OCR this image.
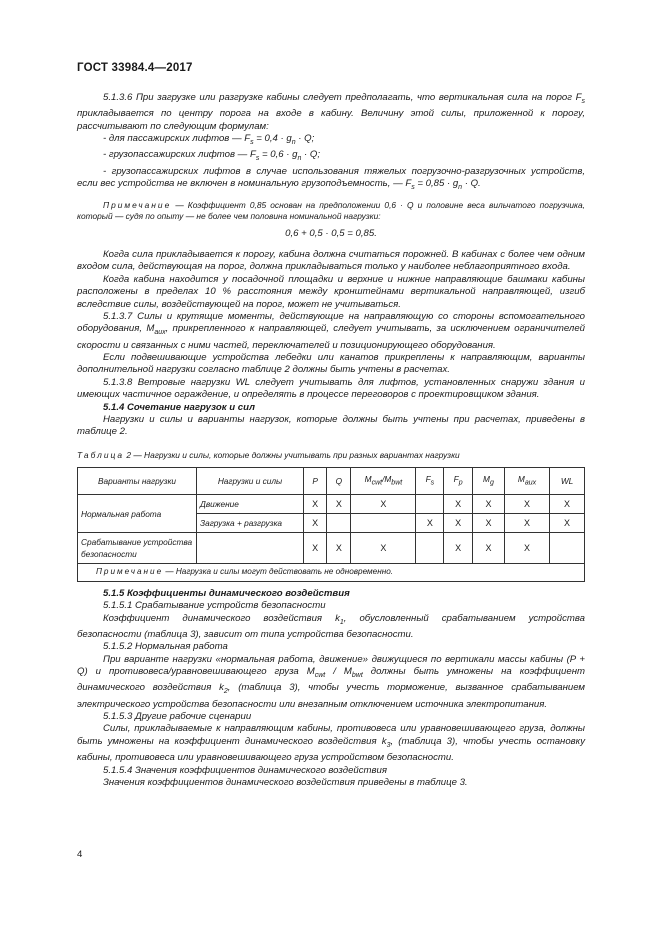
ГОСТ 33984.4—2017

5.1.3.6 При загрузке или разгрузке кабины следует предполагать, что вертикальная сила на порог $F_s$ прикладывается по центру порога на входе в кабину. Величину этой силы, приложенной к порогу, рассчитывают по следующим формулам:

- для пассажирских лифтов — $F_s = 0,4 \cdot g_n \cdot Q$;

- грузопассажирских лифтов — $F_s = 0,6 \cdot g_n \cdot Q$;

- грузопассажирских лифтов в случае использования тяжелых погрузочно-разгрузочных устройств, если вес устройства не включен в номинальную грузоподъемность, — $F_s = 0,85 \cdot g_n \cdot Q$.

Примечание — Коэффициент 0,85 основан на предположении 0,6 · Q и половине веса вильчатого погрузчика, который — судя по опыту — не более чем половина номинальной нагрузки:

0,6 + 0,5 · 0,5 = 0,85.

Когда сила прикладывается к порогу, кабина должна считаться порожней. В кабинах с более чем одним входом сила, действующая на порог, должна прикладываться только у наиболее неблагоприятного входа.

Когда кабина находится у посадочной площадки и верхние и нижние направляющие башмаки кабины расположены в пределах 10 % расстояния между кронштейнами вертикальной направляющей, изгиб вследствие силы, воздействующей на порог, может не учитываться.

5.1.3.7 Силы и крутящие моменты, действующие на направляющую со стороны вспомогательного оборудования, $M_{aux}$, прикрепленного к направляющей, следует учитывать, за исключением ограничителей скорости и связанных с ними частей, переключателей и позиционирующего оборудования.

Если подвешивающие устройства лебедки или канатов прикреплены к направляющим, варианты дополнительной нагрузки согласно таблице 2 должны быть учтены в расчетах.

5.1.3.8 Ветровые нагрузки WL следует учитывать для лифтов, установленных снаружи здания и имеющих частичное ограждение, и определять в процессе переговоров с проектировщиком здания.

5.1.4 Сочетание нагрузок и сил

Нагрузки и силы и варианты нагрузок, которые должны быть учтены при расчетах, приведены в таблице 2.

Таблица 2 — Нагрузки и силы, которые должны учитывать при разных вариантах нагрузки

Варианты нагрузки	Нагрузки и силы	P	Q	$M_{cwt}/M_{bwt}$	$F_s$	$F_p$	$M_g$	$M_{aux}$	WL
Нормальная работа	Движение	X	X	X		X	X	X	X
	Загрузка + разгрузка	X			X	X	X	X	X
Срабатывание устройства безопасности		X	X	X		X	X	X	
Примечание — Нагрузка и силы могут действовать не одновременно.									

5.1.5 Коэффициенты динамического воздействия

5.1.5.1 Срабатывание устройств безопасности

Коэффициент динамического воздействия $k_1$, обусловленный срабатыванием устройства безопасности (таблица 3), зависит от типа устройства безопасности.

5.1.5.2 Нормальная работа

При варианте нагрузки «нормальная работа, движение» движущиеся по вертикали массы кабины (P + Q) и противовеса/уравновешивающего груза $M_{cwt} / M_{bwt}$ должны быть умножены на коэффициент динамического воздействия $k_2$, (таблица 3), чтобы учесть торможение, вызванное срабатыванием электрического устройства безопасности или внезапным отключением источника электропитания.

5.1.5.3 Другие рабочие сценарии

Силы, прикладываемые к направляющим кабины, противовеса или уравновешивающего груза, должны быть умножены на коэффициент динамического воздействия $k_3$, (таблица 3), чтобы учесть остановку кабины, противовеса или уравновешивающего груза устройством безопасности.

5.1.5.4 Значения коэффициентов динамического воздействия

Значения коэффициентов динамического воздействия приведены в таблице 3.

4
